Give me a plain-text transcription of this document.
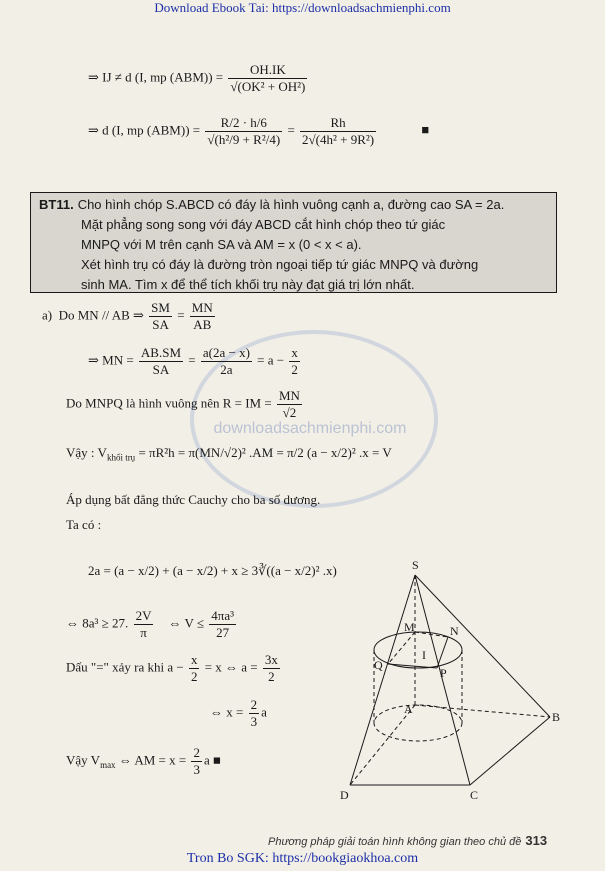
Download Ebook Tai: https://downloadsachmienphi.com
⇒ IJ ≠ d (I, mp $(ABM)) = \frac{OH.IK}{\text{√(OK² + OH²)}}$
⇒ d (I, mp $(ABM)) = \frac{R/2 \cdot h/6}{\text{√(h²/9 + R²/4)}} = \frac{Rh}{\text{2√(4h² + 9R²)}}$	■

BT11. Cho hình chóp S.ABCD có đáy là hình vuông cạnh a, đường cao SA = 2a.

Mặt phẳng song song với đáy ABCD cắt hình chóp theo tứ giác

MNPQ với M trên cạnh SA và AM = x (0 < x < a).

Xét hình trụ có đáy là đường tròn ngoại tiếp tứ giác MNPQ và đường

sinh MA. Tìm x để thể tích khối trụ này đạt giá trị lớn nhất.

downloadsachmienphi.com
a) Do MN // AB ⇒ $\frac{SM}{SA} = \frac{MN}{AB}$
⇒ MN = $\frac{AB.SM}{SA} = \frac{a(2a - x)}{2a} = a - \frac{x}{2}$
Do MNPQ là hình vuông nên R = IM = $\frac{MN}{√2}$
Vậy : $V_{khối trụ} = \pi R^2h = \pi(MN/√2)^2$ .AM = π/2 (a − x/2)² .x = V
Áp dụng bất đẳng thức Cauchy cho ba số dương.
Ta có :
2a = (a − x/2) + (a − x/2) + x ≥ 3∛((a − x/2)² .x)
⇔ 8a³ ≥ 27. $\frac{2V}{\pi}$ ⇔ $V \le \frac{\text{4πa³}}{27}$
Dấu "=" xảy ra khi $a - \frac{x}{2} = x$ ⇔ $a = \frac{3x}{2}$
⇔ $x = \frac{2}{3}$ a
Vậy $V_{max}$ ⇔ AM = $x = \frac{2}{3}$ a ■
S
M	N
Q
I
P
A
B
D	C
Phương pháp giải toán hình không gian theo chủ đề 313
Tron Bo SGK: https://bookgiaokhoa.com
